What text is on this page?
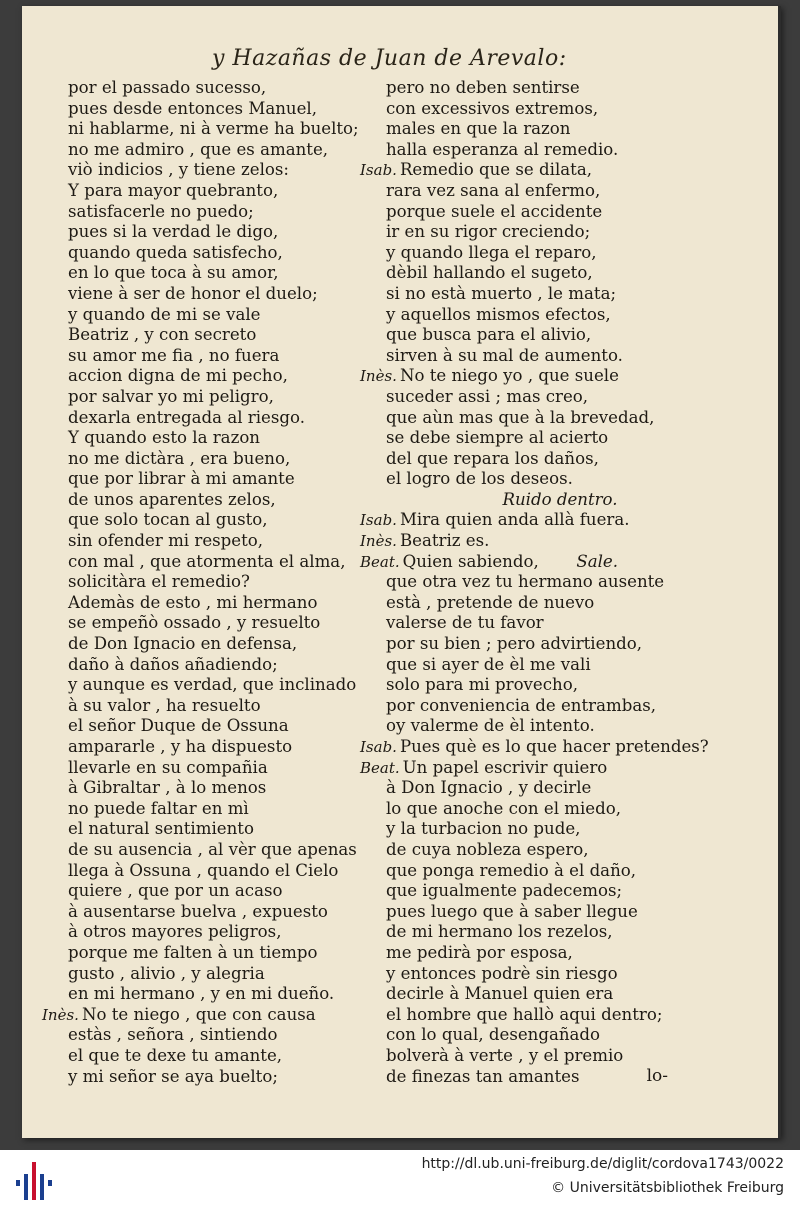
y Hazañas de Juan de Arevalo:
por el passado sucesso,
pues desde entonces Manuel,
ni hablarme, ni à verme ha buelto;
no me admiro , que es amante,
viò indicios , y tiene zelos:
Y para mayor quebranto,
satisfacerle no puedo;
pues si la verdad le digo,
quando queda satisfecho,
en lo que toca à su amor,
viene à ser de honor el duelo;
y quando de mi se vale
Beatriz , y con secreto
su amor me fia , no fuera
accion digna de mi pecho,
por salvar yo mi peligro,
dexarla entregada al riesgo.
Y quando esto la razon
no me dictàra , era bueno,
que por librar à mi amante
de unos aparentes zelos,
que solo tocan al gusto,
sin ofender mi respeto,
con mal , que atormenta el alma,
solicitàra el remedio?
Ademàs de esto , mi hermano
se empeñò ossado , y resuelto
de Don Ignacio en defensa,
daño à daños añadiendo;
y aunque es verdad, que inclinado
à su valor , ha resuelto
el señor Duque de Ossuna
ampararle , y ha dispuesto
llevarle en su compañia
à Gibraltar , à lo menos
no puede faltar en mì
el natural sentimiento
de su ausencia , al vèr que apenas
llega à Ossuna , quando el Cielo
quiere , que por un acaso
à ausentarse buelva , expuesto
à otros mayores peligros,
porque me falten à un tiempo
gusto , alivio , y alegria
en mi hermano , y en mi dueño.
Inès. No te niego , que con causa
estàs , señora , sintiendo
el que te dexe tu amante,
y mi señor se aya buelto;
pero no deben sentirse
con excessivos extremos,
males en que la razon
halla esperanza al remedio.
Isab. Remedio que se dilata,
rara vez sana al enfermo,
porque suele el accidente
ir en su rigor creciendo;
y quando llega el reparo,
dèbil hallando el sugeto,
si no està muerto , le mata;
y aquellos mismos efectos,
que busca para el alivio,
sirven à su mal de aumento.
Inès. No te niego yo , que suele
suceder assi ; mas creo,
que aùn mas que à la brevedad,
se debe siempre al acierto
del que repara los daños,
el logro de los deseos.
Ruido dentro.
Isab. Mira quien anda allà fuera.
Inès. Beatriz es.
Beat. Quien sabiendo, Sale.
que otra vez tu hermano ausente
està , pretende de nuevo
valerse de tu favor
por su bien ; pero advirtiendo,
que si ayer de èl me vali
solo para mi provecho,
por conveniencia de entrambas,
oy valerme de èl intento.
Isab. Pues què es lo que hacer pretendes?
Beat. Un papel escrivir quiero
à Don Ignacio , y decirle
lo que anoche con el miedo,
y la turbacion no pude,
de cuya nobleza espero,
que ponga remedio à el daño,
que igualmente padecemos;
pues luego que à saber llegue
de mi hermano los rezelos,
me pedirà por esposa,
y entonces podrè sin riesgo
decirle à Manuel quien era
el hombre que hallò aqui dentro;
con lo qual, desengañado
bolverà à verte , y el premio
de finezas tan amantes	lo-
http://dl.ub.uni-freiburg.de/diglit/cordova1743/0022
© Universitätsbibliothek Freiburg
